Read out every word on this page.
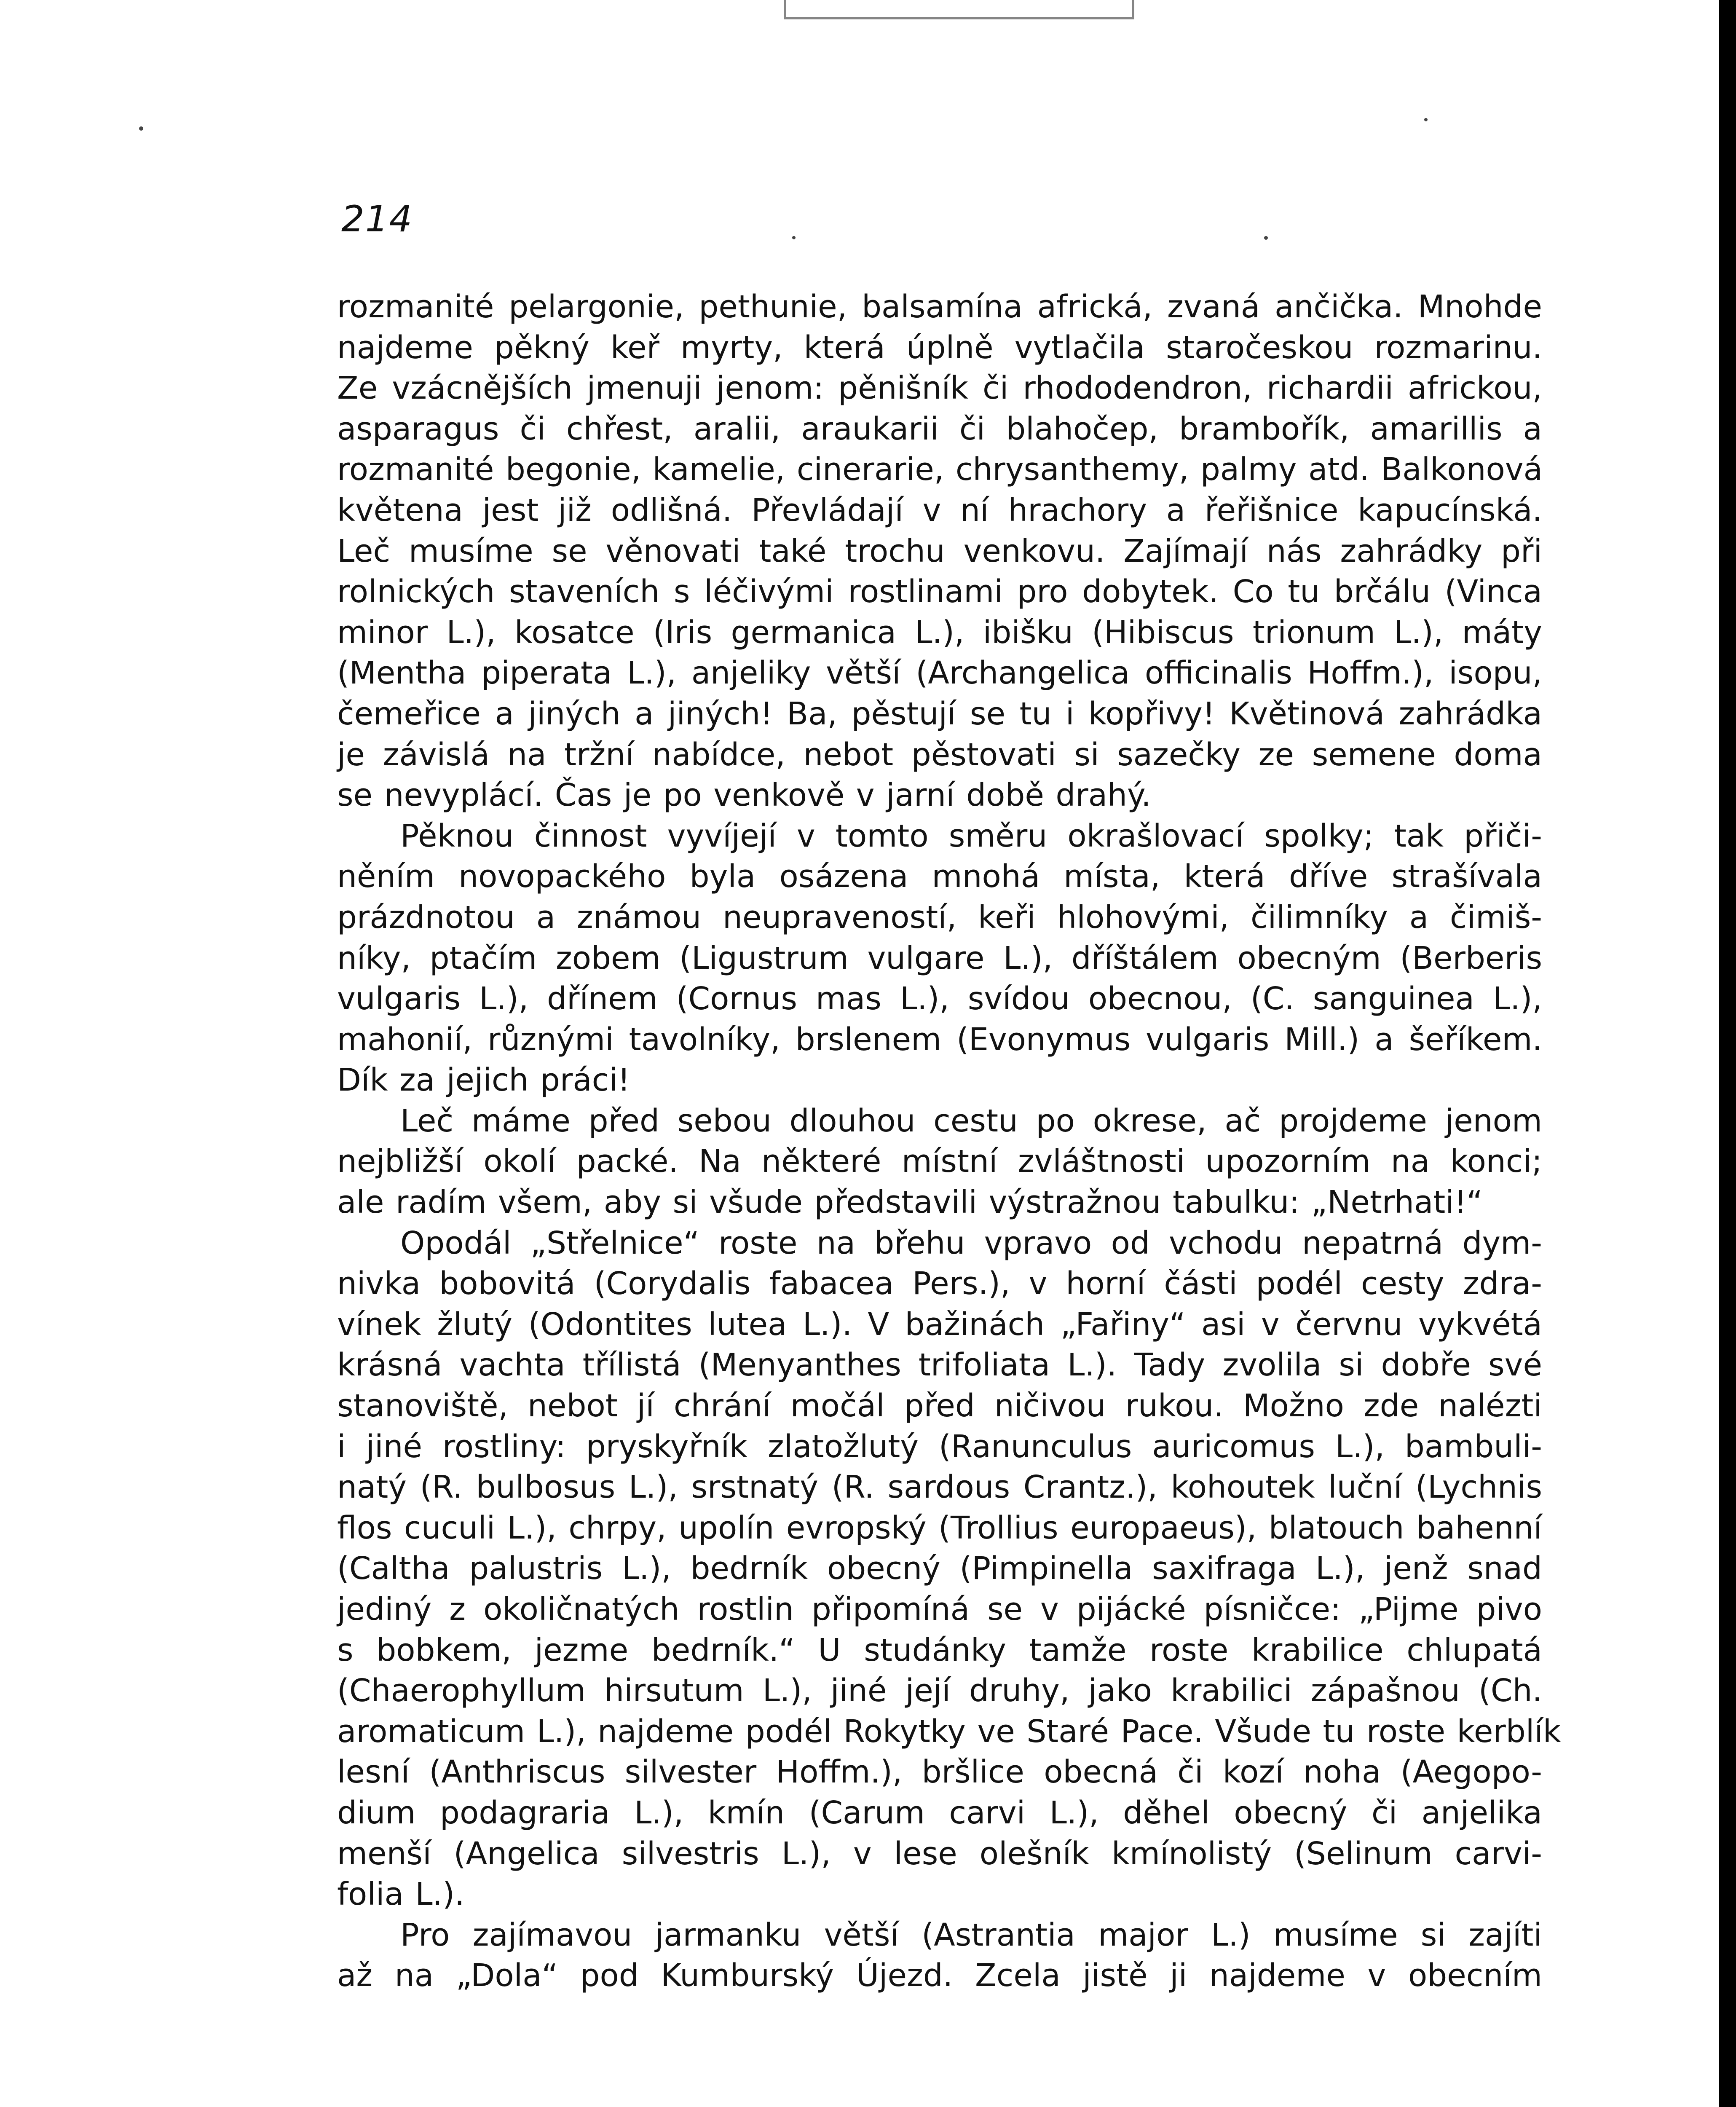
214
rozmanité pelargonie, pethunie, balsamína africká, zvaná ančička. Mnohde
najdeme pěkný keř myrty, která úplně vytlačila staročeskou rozmarinu.
Ze vzácnějších jmenuji jenom: pěnišník či rhododendron, richardii africkou,
asparagus či chřest, aralii, araukarii či blahočep, brambořík, amarillis a
rozmanité begonie, kamelie, cinerarie, chrysanthemy, palmy atd. Balkonová
květena jest již odlišná. Převládají v ní hrachory a řeřišnice kapucínská.
Leč musíme se věnovati také trochu venkovu. Zajímají nás zahrádky při
rolnických staveních s léčivými rostlinami pro dobytek. Co tu brčálu (Vinca
minor L.), kosatce (Iris germanica L.), ibišku (Hibiscus trionum L.), máty
(Mentha piperata L.), anjeliky větší (Archangelica officinalis Hoffm.), isopu,
čemeřice a jiných a jiných! Ba, pěstují se tu i kopřivy! Květinová zahrádka
je závislá na tržní nabídce, nebot pěstovati si sazečky ze semene doma
se nevyplácí. Čas je po venkově v jarní době drahý.
Pěknou činnost vyvíjejí v tomto směru okrašlovací spolky; tak přiči-
něním novopackého byla osázena mnohá místa, která dříve strašívala
prázdnotou a známou neupraveností, keři hlohovými, čilimníky a čimiš-
níky, ptačím zobem (Ligustrum vulgare L.), dříštálem obecným (Berberis
vulgaris L.), dřínem (Cornus mas L.), svídou obecnou, (C. sanguinea L.),
mahonií, různými tavolníky, brslenem (Evonymus vulgaris Mill.) a šeříkem.
Dík za jejich práci!
Leč máme před sebou dlouhou cestu po okrese, ač projdeme jenom
nejbližší okolí packé. Na některé místní zvláštnosti upozorním na konci;
ale radím všem, aby si všude představili výstražnou tabulku: „Netrhati!“
Opodál „Střelnice“ roste na břehu vpravo od vchodu nepatrná dym-
nivka bobovitá (Corydalis fabacea Pers.), v horní části podél cesty zdra-
vínek žlutý (Odontites lutea L.). V bažinách „Fařiny“ asi v červnu vykvétá
krásná vachta třílistá (Menyanthes trifoliata L.). Tady zvolila si dobře své
stanoviště, nebot jí chrání močál před ničivou rukou. Možno zde nalézti
i jiné rostliny: pryskyřník zlatožlutý (Ranunculus auricomus L.), bambuli-
natý (R. bulbosus L.), srstnatý (R. sardous Crantz.), kohoutek luční (Lychnis
flos cuculi L.), chrpy, upolín evropský (Trollius europaeus), blatouch bahenní
(Caltha palustris L.), bedrník obecný (Pimpinella saxifraga L.), jenž snad
jediný z okoličnatých rostlin připomíná se v pijácké písničce: „Pijme pivo
s bobkem, jezme bedrník.“ U studánky tamže roste krabilice chlupatá
(Chaerophyllum hirsutum L.), jiné její druhy, jako krabilici zápašnou (Ch.
aromaticum L.), najdeme podél Rokytky ve Staré Pace. Všude tu roste kerblík
lesní (Anthriscus silvester Hoffm.), bršlice obecná či kozí noha (Aegopo-
dium podagraria L.), kmín (Carum carvi L.), děhel obecný či anjelika
menší (Angelica silvestris L.), v lese olešník kmínolistý (Selinum carvi-
folia L.).
Pro zajímavou jarmanku větší (Astrantia major L.) musíme si zajíti
až na „Dola“ pod Kumburský Újezd. Zcela jistě ji najdeme v obecním
